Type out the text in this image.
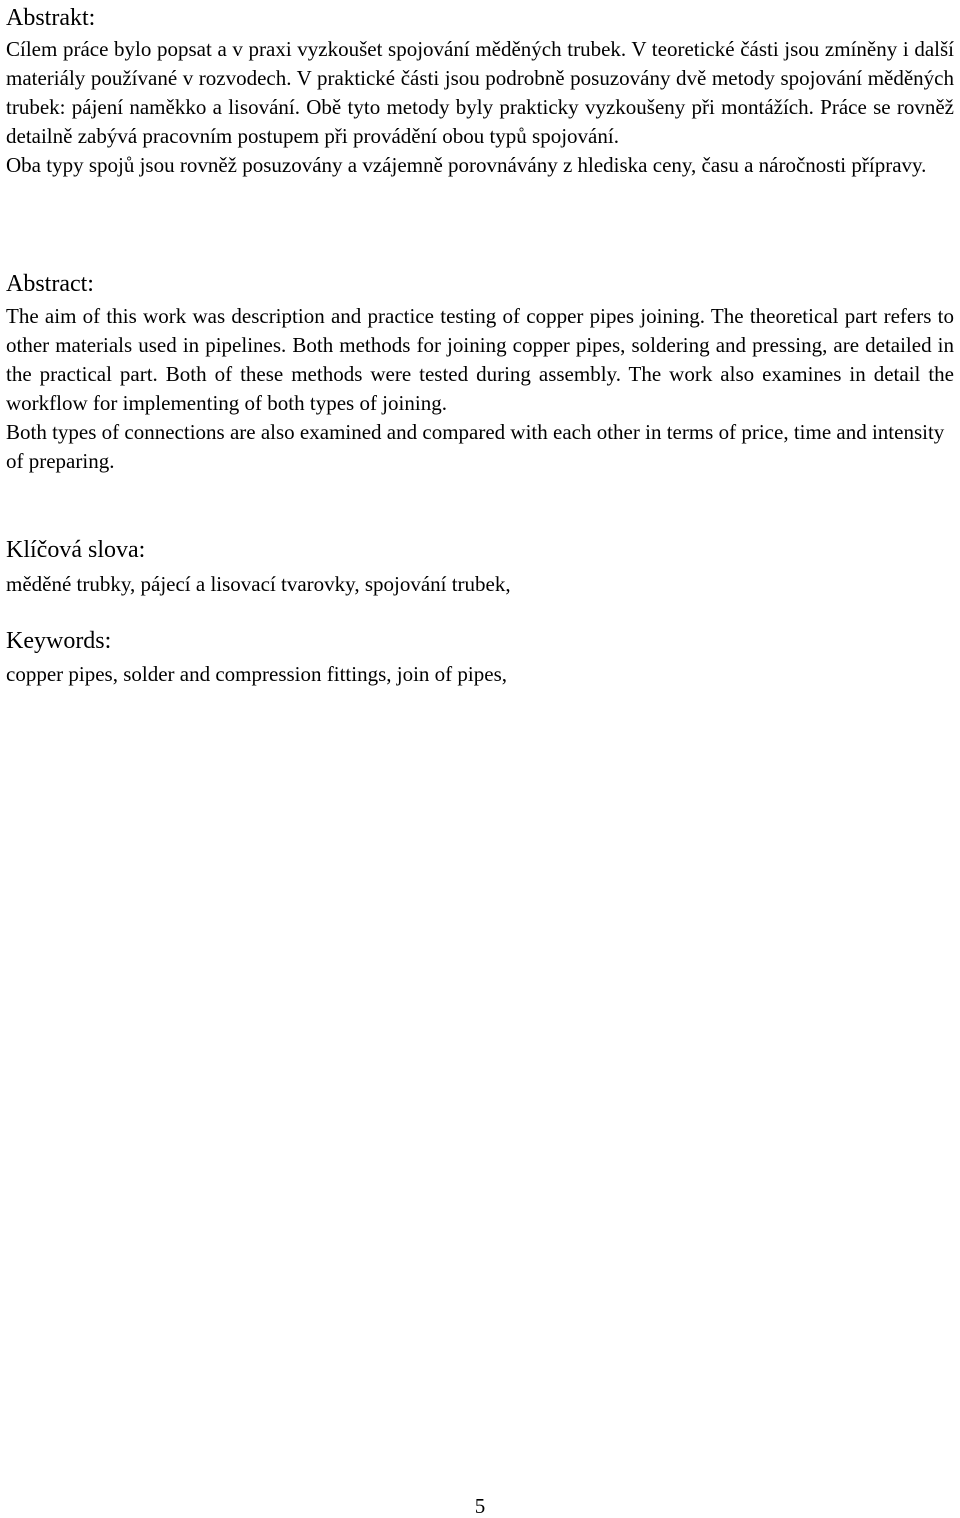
Abstrakt:

Cílem práce bylo popsat a v praxi vyzkoušet spojování měděných trubek. V teoretické části jsou zmíněny i další materiály používané v rozvodech. V praktické části jsou podrobně posuzovány dvě metody spojování měděných trubek: pájení naměkko a lisování. Obě tyto metody byly prakticky vyzkoušeny při montážích. Práce se rovněž detailně zabývá pracovním postupem při provádění obou typů spojování.

Oba typy spojů jsou rovněž posuzovány a vzájemně porovnávány z hlediska ceny, času a náročnosti přípravy.

Abstract:

The aim of this work was description and practice testing of copper pipes joining. The theoretical part refers to other materials used in pipelines. Both methods for joining copper pipes, soldering and pressing, are detailed in the practical part. Both of these methods were tested during assembly. The work also examines in detail the workflow for implementing of both types of joining.

Both types of connections are also examined and compared with each other in terms of price, time and intensity of preparing.

Klíčová slova:

měděné trubky, pájecí a lisovací tvarovky, spojování trubek,

Keywords:

copper pipes, solder and compression fittings, join of pipes,

5
